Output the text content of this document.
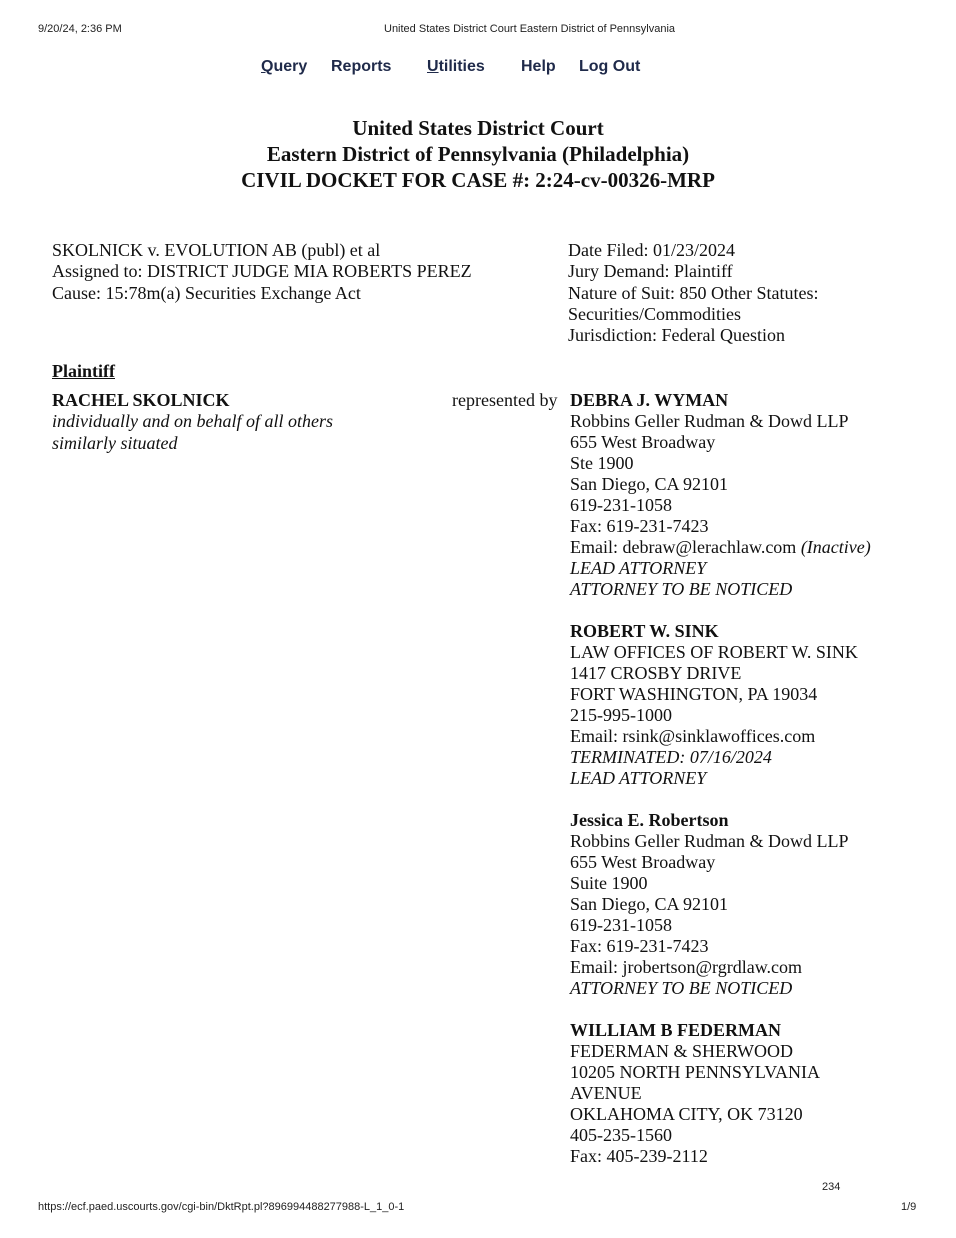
9/20/24, 2:36 PM	United States District Court Eastern District of Pennsylvania
Query Reports Utilities Help Log Out
United States District Court
Eastern District of Pennsylvania (Philadelphia)
CIVIL DOCKET FOR CASE #: 2:24-cv-00326-MRP
SKOLNICK v. EVOLUTION AB (publ) et al
Assigned to: DISTRICT JUDGE MIA ROBERTS PEREZ
Cause: 15:78m(a) Securities Exchange Act
Date Filed: 01/23/2024
Jury Demand: Plaintiff
Nature of Suit: 850 Other Statutes:
Securities/Commodities
Jurisdiction: Federal Question
Plaintiff
RACHEL SKOLNICK
individually and on behalf of all others
similarly situated
represented by DEBRA J. WYMAN
Robbins Geller Rudman & Dowd LLP
655 West Broadway
Ste 1900
San Diego, CA 92101
619-231-1058
Fax: 619-231-7423
Email: debraw@lerachlaw.com (Inactive)
LEAD ATTORNEY
ATTORNEY TO BE NOTICED
ROBERT W. SINK
LAW OFFICES OF ROBERT W. SINK
1417 CROSBY DRIVE
FORT WASHINGTON, PA 19034
215-995-1000
Email: rsink@sinklawoffices.com
TERMINATED: 07/16/2024
LEAD ATTORNEY
Jessica E. Robertson
Robbins Geller Rudman & Dowd LLP
655 West Broadway
Suite 1900
San Diego, CA 92101
619-231-1058
Fax: 619-231-7423
Email: jrobertson@rgrdlaw.com
ATTORNEY TO BE NOTICED
WILLIAM B FEDERMAN
FEDERMAN & SHERWOOD
10205 NORTH PENNSYLVANIA
AVENUE
OKLAHOMA CITY, OK 73120
405-235-1560
Fax: 405-239-2112
234
https://ecf.paed.uscourts.gov/cgi-bin/DktRpt.pl?896994488277988-L_1_0-1	1/9
